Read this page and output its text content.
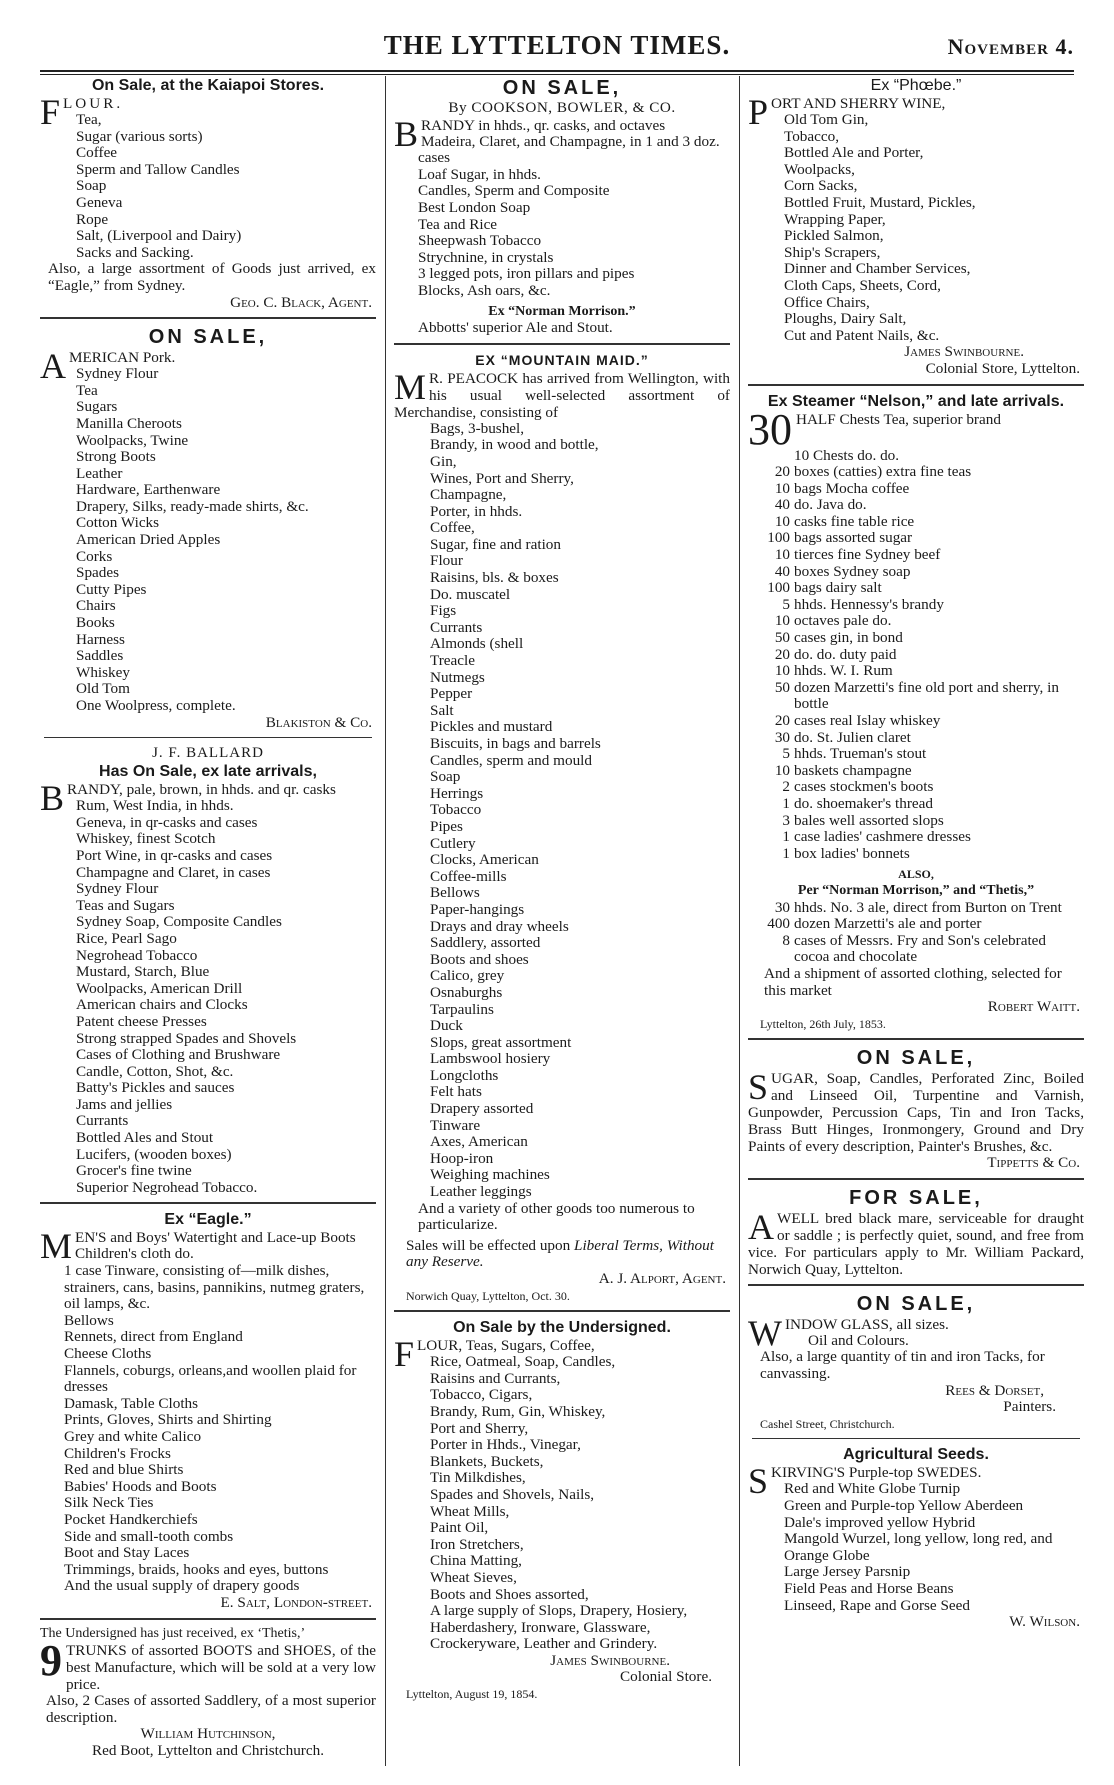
THE LYTTELTON TIMES.	November 4.
On Sale, at the Kaiapoi Stores.
FLOUR.
Tea,
Sugar (various sorts)
Coffee
Sperm and Tallow Candles
Soap
Geneva
Rope
Salt, (Liverpool and Dairy)
Sacks and Sacking.
Also, a large assortment of Goods just arrived, ex “Eagle,” from Sydney.
Geo. C. Black, Agent.
ON SALE,
AMERICAN Pork.
Sydney Flour
Tea
Sugars
Manilla Cheroots
Woolpacks, Twine
Strong Boots
Leather
Hardware, Earthenware
Drapery, Silks, ready-made shirts, &c.
Cotton Wicks
American Dried Apples
Corks
Spades
Cutty Pipes
Chairs
Books
Harness
Saddles
Whiskey
Old Tom
One Woolpress, complete.
Blakiston & Co.
J. F. BALLARD
Has On Sale, ex late arrivals,
BRANDY, pale, brown, in hhds. and qr. casks
Rum, West India, in hhds.
Geneva, in qr-casks and cases
Whiskey, finest Scotch
Port Wine, in qr-casks and cases
Champagne and Claret, in cases
Sydney Flour
Teas and Sugars
Sydney Soap, Composite Candles
Rice, Pearl Sago
Negrohead Tobacco
Mustard, Starch, Blue
Woolpacks, American Drill
American chairs and Clocks
Patent cheese Presses
Strong strapped Spades and Shovels
Cases of Clothing and Brushware
Candle, Cotton, Shot, &c.
Batty's Pickles and sauces
Jams and jellies
Currants
Bottled Ales and Stout
Lucifers, (wooden boxes)
Grocer's fine twine
Superior Negrohead Tobacco.
Ex “Eagle.”
MEN'S and Boys' Watertight and Lace-up Boots
Children's cloth do.
1 case Tinware, consisting of—milk dishes, strainers, cans, basins, pannikins, nutmeg graters, oil lamps, &c.
Bellows
Rennets, direct from England
Cheese Cloths
Flannels, coburgs, orleans,and woollen plaid for dresses
Damask, Table Cloths
Prints, Gloves, Shirts and Shirting
Grey and white Calico
Children's Frocks
Red and blue Shirts
Babies' Hoods and Boots
Silk Neck Ties
Pocket Handkerchiefs
Side and small-tooth combs
Boot and Stay Laces
Trimmings, braids, hooks and eyes, buttons
And the usual supply of drapery goods
E. Salt, London-street.
The Undersigned has just received, ex ‘Thetis,’
9 TRUNKS of assorted BOOTS and SHOES, of the best Manufacture, which will be sold at a very low price.
Also, 2 Cases of assorted Saddlery, of a most superior description.
William Hutchinson,
Red Boot, Lyttelton and Christchurch.
ON SALE,
By COOKSON, BOWLER, & CO.
BRANDY in hhds., qr. casks, and octaves
Madeira, Claret, and Champagne, in 1 and 3 doz. cases
Loaf Sugar, in hhds.
Candles, Sperm and Composite
Best London Soap
Tea and Rice
Sheepwash Tobacco
Strychnine, in crystals
3 legged pots, iron pillars and pipes
Blocks, Ash oars, &c.
Ex “Norman Morrison.”
Abbotts' superior Ale and Stout.
EX “MOUNTAIN MAID.”
M R. PEACOCK has arrived from Wellington, with his usual well-selected assortment of Merchandise, consisting of
Bags, 3-bushel,
Brandy, in wood and bottle,
Gin,
Wines, Port and Sherry,
Champagne,
Porter, in hhds.
Coffee,
Sugar, fine and ration
Flour
Raisins, bls. & boxes
Do. muscatel
Figs
Currants
Almonds (shell
Treacle
Nutmegs
Pepper
Salt
Pickles and mustard
Biscuits, in bags and barrels
Candles, sperm and mould
Soap
Herrings
Tobacco
Pipes
Cutlery
Clocks, American
Coffee-mills
Bellows
Paper-hangings
Drays and dray wheels
Saddlery, assorted
Boots and shoes
Calico, grey
Osnaburghs
Tarpaulins
Duck
Slops, great assortment
Lambswool hosiery
Longcloths
Felt hats
Drapery assorted
Tinware
Axes, American
Hoop-iron
Weighing machines
Leather leggings
And a variety of other goods too numerous to particularize.
Sales will be effected upon Liberal Terms, Without any Reserve.
A. J. Alport, Agent.
Norwich Quay, Lyttelton, Oct. 30.
On Sale by the Undersigned.
FLOUR, Teas, Sugars, Coffee,
Rice, Oatmeal, Soap, Candles,
Raisins and Currants,
Tobacco, Cigars,
Brandy, Rum, Gin, Whiskey,
Port and Sherry,
Porter in Hhds., Vinegar,
Blankets, Buckets,
Tin Milkdishes,
Spades and Shovels, Nails,
Wheat Mills,
Paint Oil,
Iron Stretchers,
China Matting,
Wheat Sieves,
Boots and Shoes assorted,
A large supply of Slops, Drapery, Hosiery, Haberdashery, Ironware, Glassware, Crockeryware, Leather and Grindery.
James Swinbourne.
Colonial Store.
Lyttelton, August 19, 1854.
Ex “Phœbe.”
PORT AND SHERRY WINE,
Old Tom Gin,
Tobacco,
Bottled Ale and Porter,
Woolpacks,
Corn Sacks,
Bottled Fruit, Mustard, Pickles,
Wrapping Paper,
Pickled Salmon,
Ship's Scrapers,
Dinner and Chamber Services,
Cloth Caps, Sheets, Cord,
Office Chairs,
Ploughs, Dairy Salt,
Cut and Patent Nails, &c.
James Swinbourne.
Colonial Store, Lyttelton.
Ex Steamer “Nelson,” and late arrivals.
30 HALF Chests Tea, superior brand
10 Chests do. do.
20 boxes (catties) extra fine teas
10 bags Mocha coffee
40 do. Java do.
10 casks fine table rice
100 bags assorted sugar
10 tierces fine Sydney beef
40 boxes Sydney soap
100 bags dairy salt
5 hhds. Hennessy's brandy
10 octaves pale do.
50 cases gin, in bond
20 do. do. duty paid
10 hhds. W. I. Rum
50 dozen Marzetti's fine old port and sherry, in bottle
20 cases real Islay whiskey
30 do. St. Julien claret
5 hhds. Trueman's stout
10 baskets champagne
2 cases stockmen's boots
1 do. shoemaker's thread
3 bales well assorted slops
1 case ladies' cashmere dresses
1 box ladies' bonnets
ALSO,
Per “Norman Morrison,” and “Thetis,”
30 hhds. No. 3 ale, direct from Burton on Trent
400 dozen Marzetti's ale and porter
8 cases of Messrs. Fry and Son's celebrated cocoa and chocolate
And a shipment of assorted clothing, selected for this market
Robert Waitt.
Lyttelton, 26th July, 1853.
ON SALE,
SUGAR, Soap, Candles, Perforated Zinc, Boiled and Linseed Oil, Turpentine and Varnish, Gunpowder, Percussion Caps, Tin and Iron Tacks, Brass Butt Hinges, Ironmongery, Ground and Dry Paints of every description, Painter's Brushes, &c.
Tippetts & Co.
FOR SALE,
AWELL bred black mare, serviceable for draught or saddle ; is perfectly quiet, sound, and free from vice. For particulars apply to Mr. William Packard, Norwich Quay, Lyttelton.
ON SALE,
WINDOW GLASS, all sizes.
Oil and Colours.
Also, a large quantity of tin and iron Tacks, for canvassing.
Rees & Dorset,
Painters.
Cashel Street, Christchurch.
Agricultural Seeds.
SKIRVING'S Purple-top SWEDES.
Red and White Globe Turnip
Green and Purple-top Yellow Aberdeen
Dale's improved yellow Hybrid
Mangold Wurzel, long yellow, long red, and Orange Globe
Large Jersey Parsnip
Field Peas and Horse Beans
Linseed, Rape and Gorse Seed
W. Wilson.
